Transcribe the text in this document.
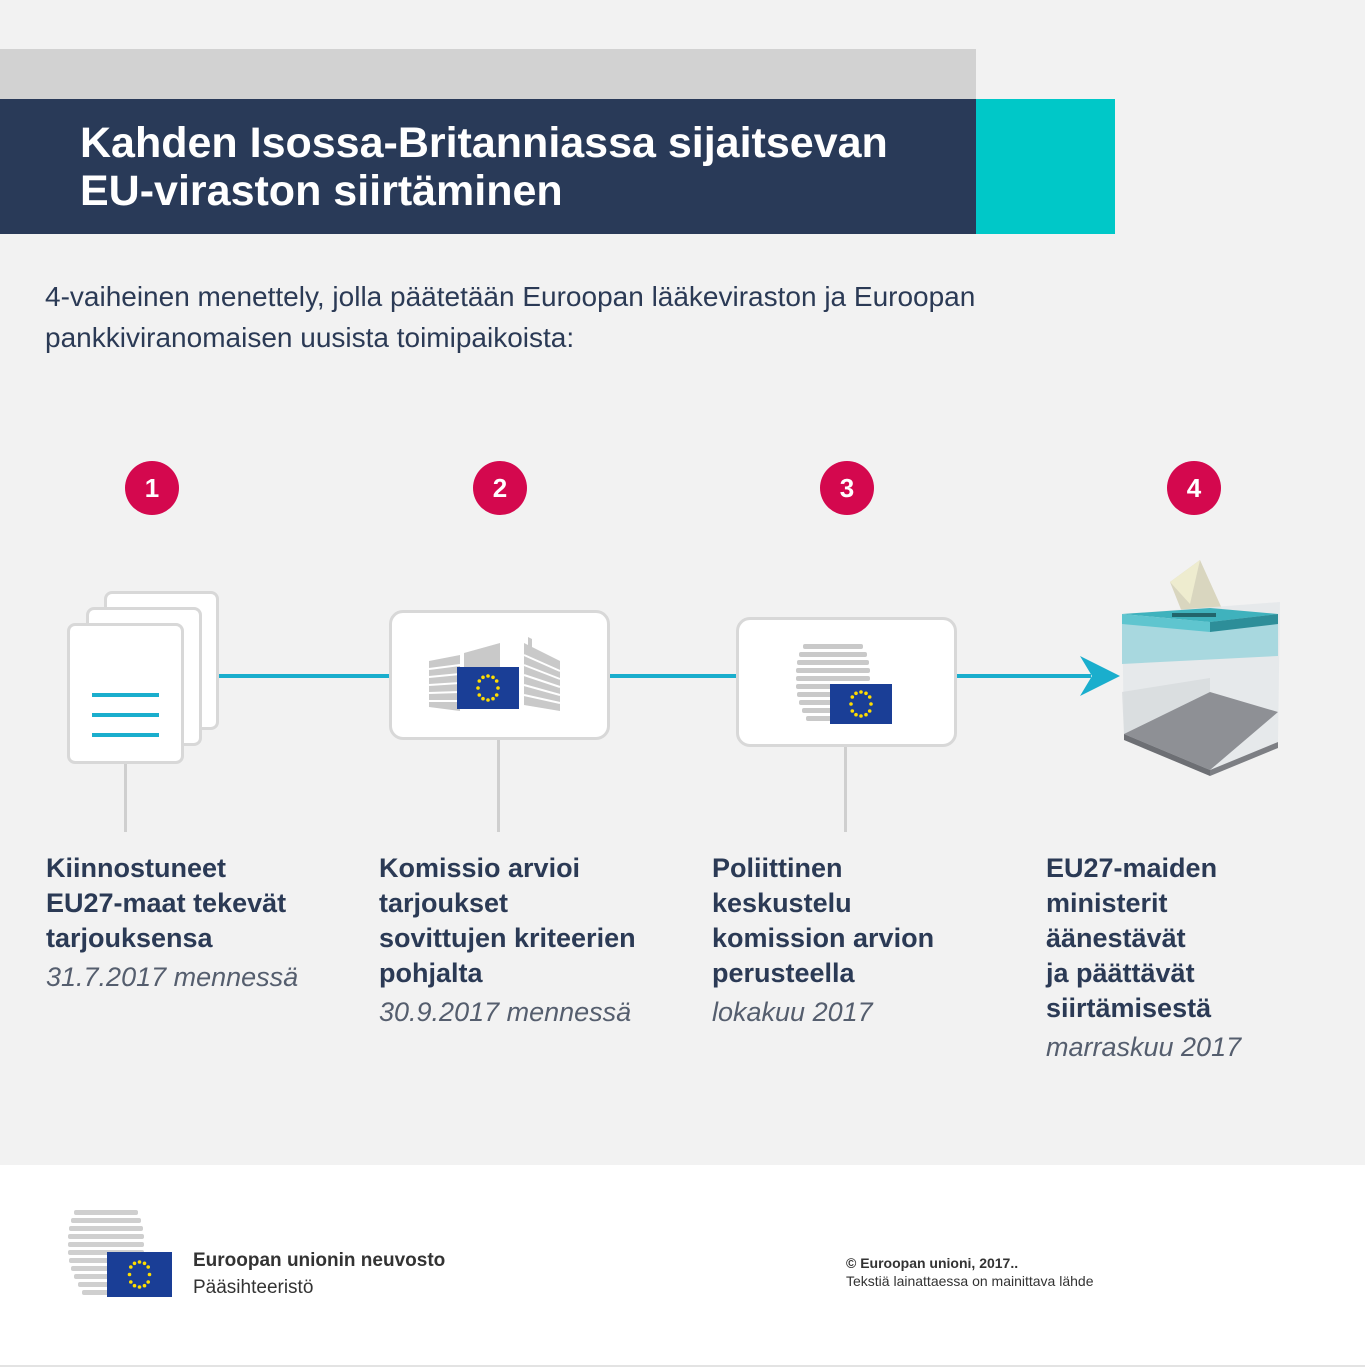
Kahden Isossa-Britanniassa sijaitsevan
EU-viraston siirtäminen

4-vaiheinen menettely, jolla päätetään Euroopan lääkeviraston ja Euroopan
pankkiviranomaisen uusista toimipaikoista:

1	2	3	4

Kiinnostuneet
EU27-maat tekevät
tarjouksensa

31.7.2017 mennessä

Komissio arvioi
tarjoukset
sovittujen kriteerien
pohjalta

30.9.2017 mennessä

Poliittinen
keskustelu
komission arvion
perusteella

lokakuu 2017

EU27-maiden
ministerit
äänestävät
ja päättävät
siirtämisestä

marraskuu 2017

Euroopan unionin neuvosto
Pääsihteeristö
© Euroopan unioni, 2017..
Tekstiä lainattaessa on mainittava lähde
